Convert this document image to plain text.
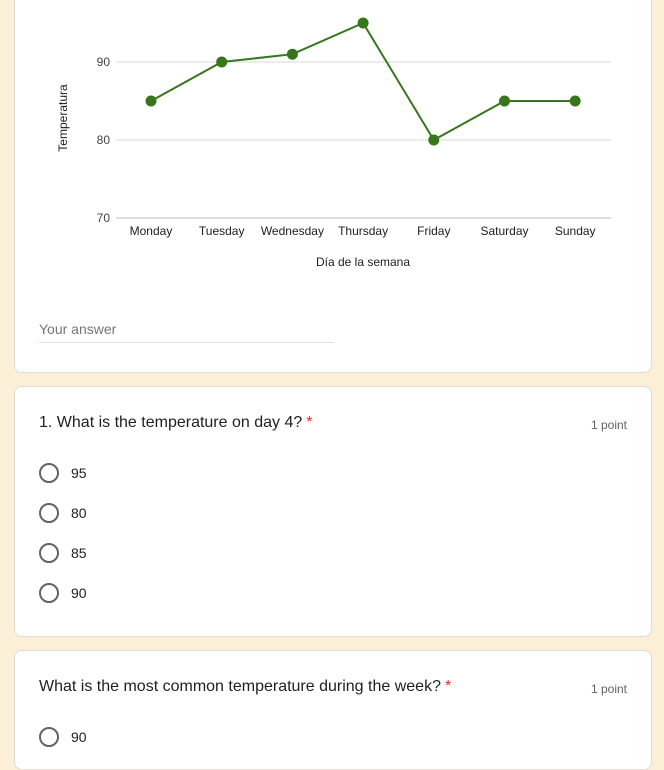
70
80
90
Monday Tuesday Wednesday Thursday Friday	Saturday Sunday
Temperatura
Día de la semana
Your answer
1. What is the temperature on day 4? *	1 point
95
80
85
90
What is the most common temperature during the week? *	1 point
90
